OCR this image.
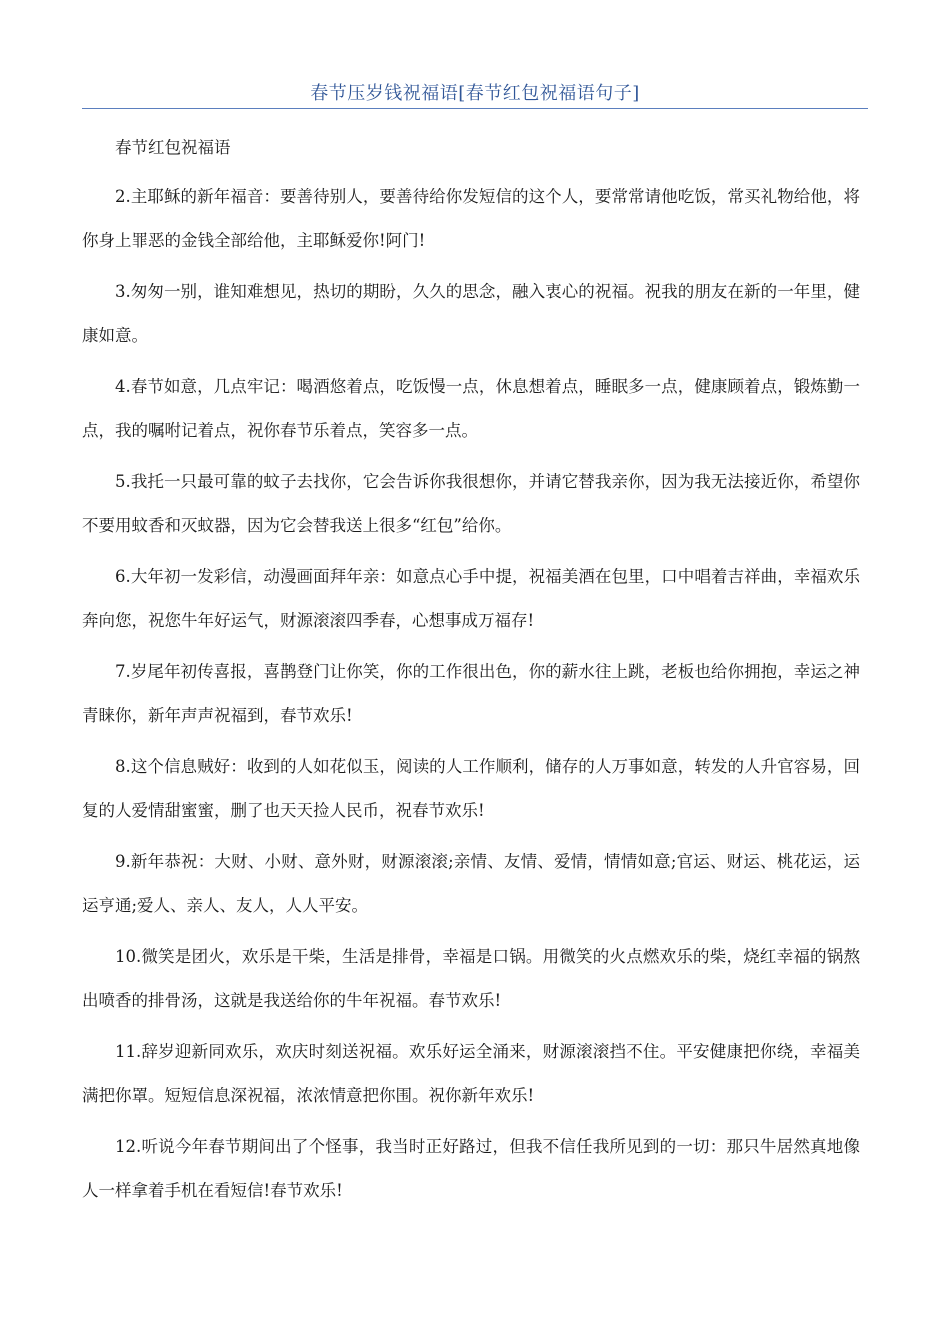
春节压岁钱祝福语[春节红包祝福语句子]

春节红包祝福语

2.主耶稣的新年福音：要善待别人，要善待给你发短信的这个人，要常常请他吃饭，常买礼物给他，将你身上罪恶的金钱全部给他，主耶稣爱你!阿门!

3.匆匆一别，谁知难想见，热切的期盼，久久的思念，融入衷心的祝福。祝我的朋友在新的一年里，健康如意。

4.春节如意，几点牢记：喝酒悠着点，吃饭慢一点，休息想着点，睡眠多一点，健康顾着点，锻炼勤一点，我的嘱咐记着点，祝你春节乐着点，笑容多一点。

5.我托一只最可靠的蚊子去找你，它会告诉你我很想你，并请它替我亲你，因为我无法接近你，希望你不要用蚊香和灭蚊器，因为它会替我送上很多“红包”给你。

6.大年初一发彩信，动漫画面拜年亲：如意点心手中提，祝福美酒在包里，口中唱着吉祥曲，幸福欢乐奔向您，祝您牛年好运气，财源滚滚四季春，心想事成万福存!

7.岁尾年初传喜报，喜鹊登门让你笑，你的工作很出色，你的薪水往上跳，老板也给你拥抱，幸运之神青睐你，新年声声祝福到，春节欢乐!

8.这个信息贼好：收到的人如花似玉，阅读的人工作顺利，储存的人万事如意，转发的人升官容易，回复的人爱情甜蜜蜜，删了也天天捡人民币，祝春节欢乐!

9.新年恭祝：大财、小财、意外财，财源滚滚;亲情、友情、爱情，情情如意;官运、财运、桃花运，运运亨通;爱人、亲人、友人，人人平安。

10.微笑是团火，欢乐是干柴，生活是排骨，幸福是口锅。用微笑的火点燃欢乐的柴，烧红幸福的锅熬出喷香的排骨汤，这就是我送给你的牛年祝福。春节欢乐!

11.辞岁迎新同欢乐，欢庆时刻送祝福。欢乐好运全涌来，财源滚滚挡不住。平安健康把你绕，幸福美满把你罩。短短信息深祝福，浓浓情意把你围。祝你新年欢乐!

12.听说今年春节期间出了个怪事，我当时正好路过，但我不信任我所见到的一切：那只牛居然真地像人一样拿着手机在看短信!春节欢乐!
